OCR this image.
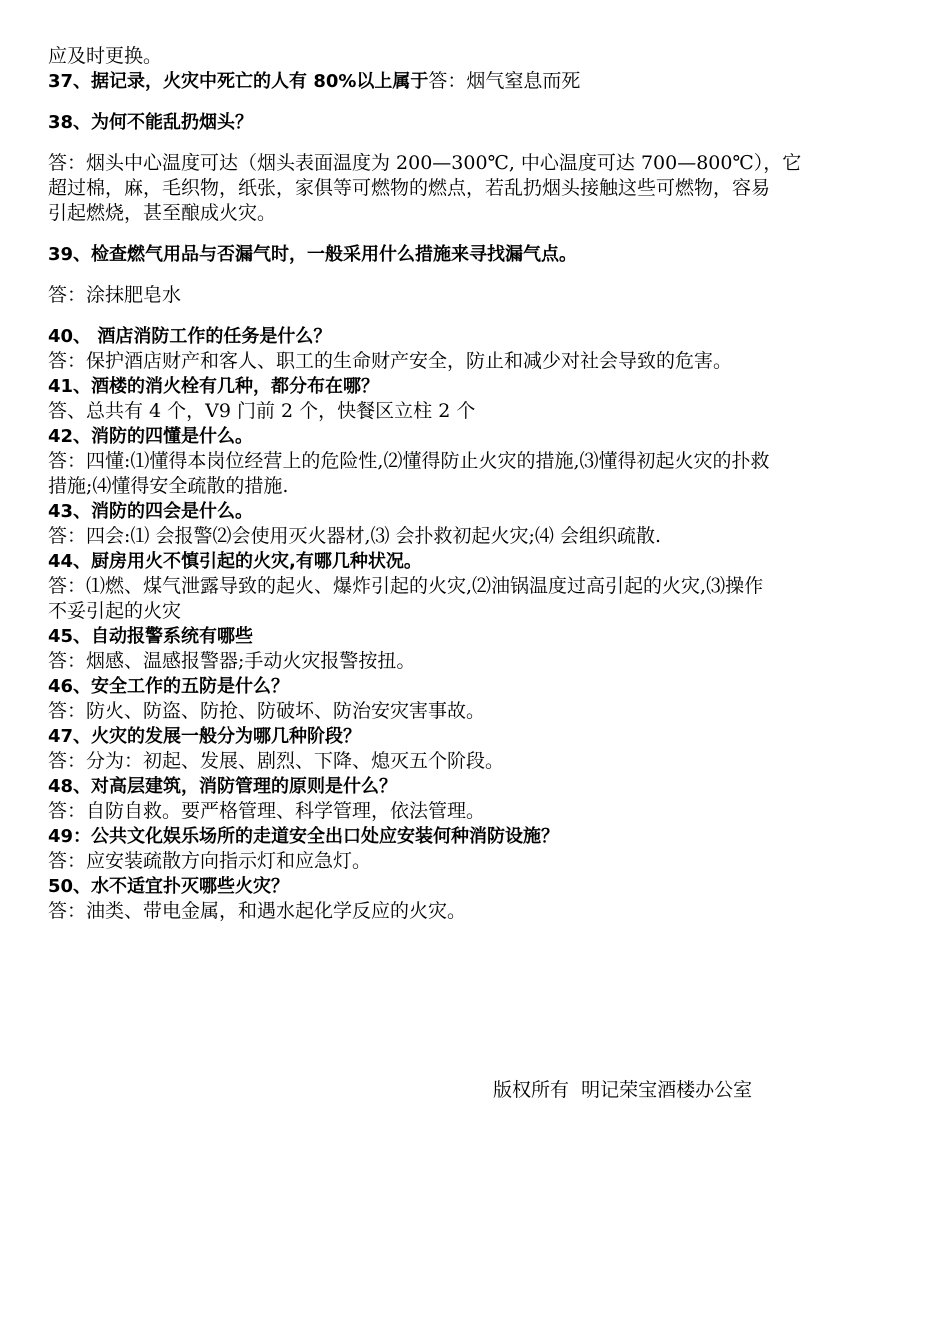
应及时更换。
37、据记录，火灾中死亡的人有 80%以上属于答：烟气窒息而死
38、为何不能乱扔烟头？
答：烟头中心温度可达（烟头表面温度为 200—300℃, 中心温度可达 700—800℃），它
超过棉，麻，毛织物，纸张，家俱等可燃物的燃点，若乱扔烟头接触这些可燃物，容易
引起燃烧，甚至酿成火灾。
39、检查燃气用品与否漏气时，一般采用什么措施来寻找漏气点。
答：涂抹肥皂水
40、 酒店消防工作的任务是什么？
答：保护酒店财产和客人、职工的生命财产安全，防止和减少对社会导致的危害。
41、酒楼的消火栓有几种，都分布在哪？
答、总共有 4 个，V9 门前 2 个，快餐区立柱 2 个
42、消防的四懂是什么。
答：四懂:⑴懂得本岗位经营上的危险性,⑵懂得防止火灾的措施,⑶懂得初起火灾的扑救
措施;⑷懂得安全疏散的措施.
43、消防的四会是什么。
答：四会:⑴ 会报警⑵会使用灭火器材,⑶ 会扑救初起火灾;⑷ 会组织疏散.
44、厨房用火不慎引起的火灾,有哪几种状况。
答：⑴燃、煤气泄露导致的起火、爆炸引起的火灾,⑵油锅温度过高引起的火灾,⑶操作
不妥引起的火灾
45、自动报警系统有哪些
答：烟感、温感报警器;手动火灾报警按扭。
46、安全工作的五防是什么？
答：防火、防盗、防抢、防破坏、防治安灾害事故。
47、火灾的发展一般分为哪几种阶段？
答：分为：初起、发展、剧烈、下降、熄灭五个阶段。
48、对高层建筑，消防管理的原则是什么？
答：自防自救。要严格管理、科学管理，依法管理。
49：公共文化娱乐场所的走道安全出口处应安装何种消防设施？
答：应安装疏散方向指示灯和应急灯。
50、水不适宜扑灭哪些火灾？
答：油类、带电金属，和遇水起化学反应的火灾。
版权所有  明记荣宝酒楼办公室
